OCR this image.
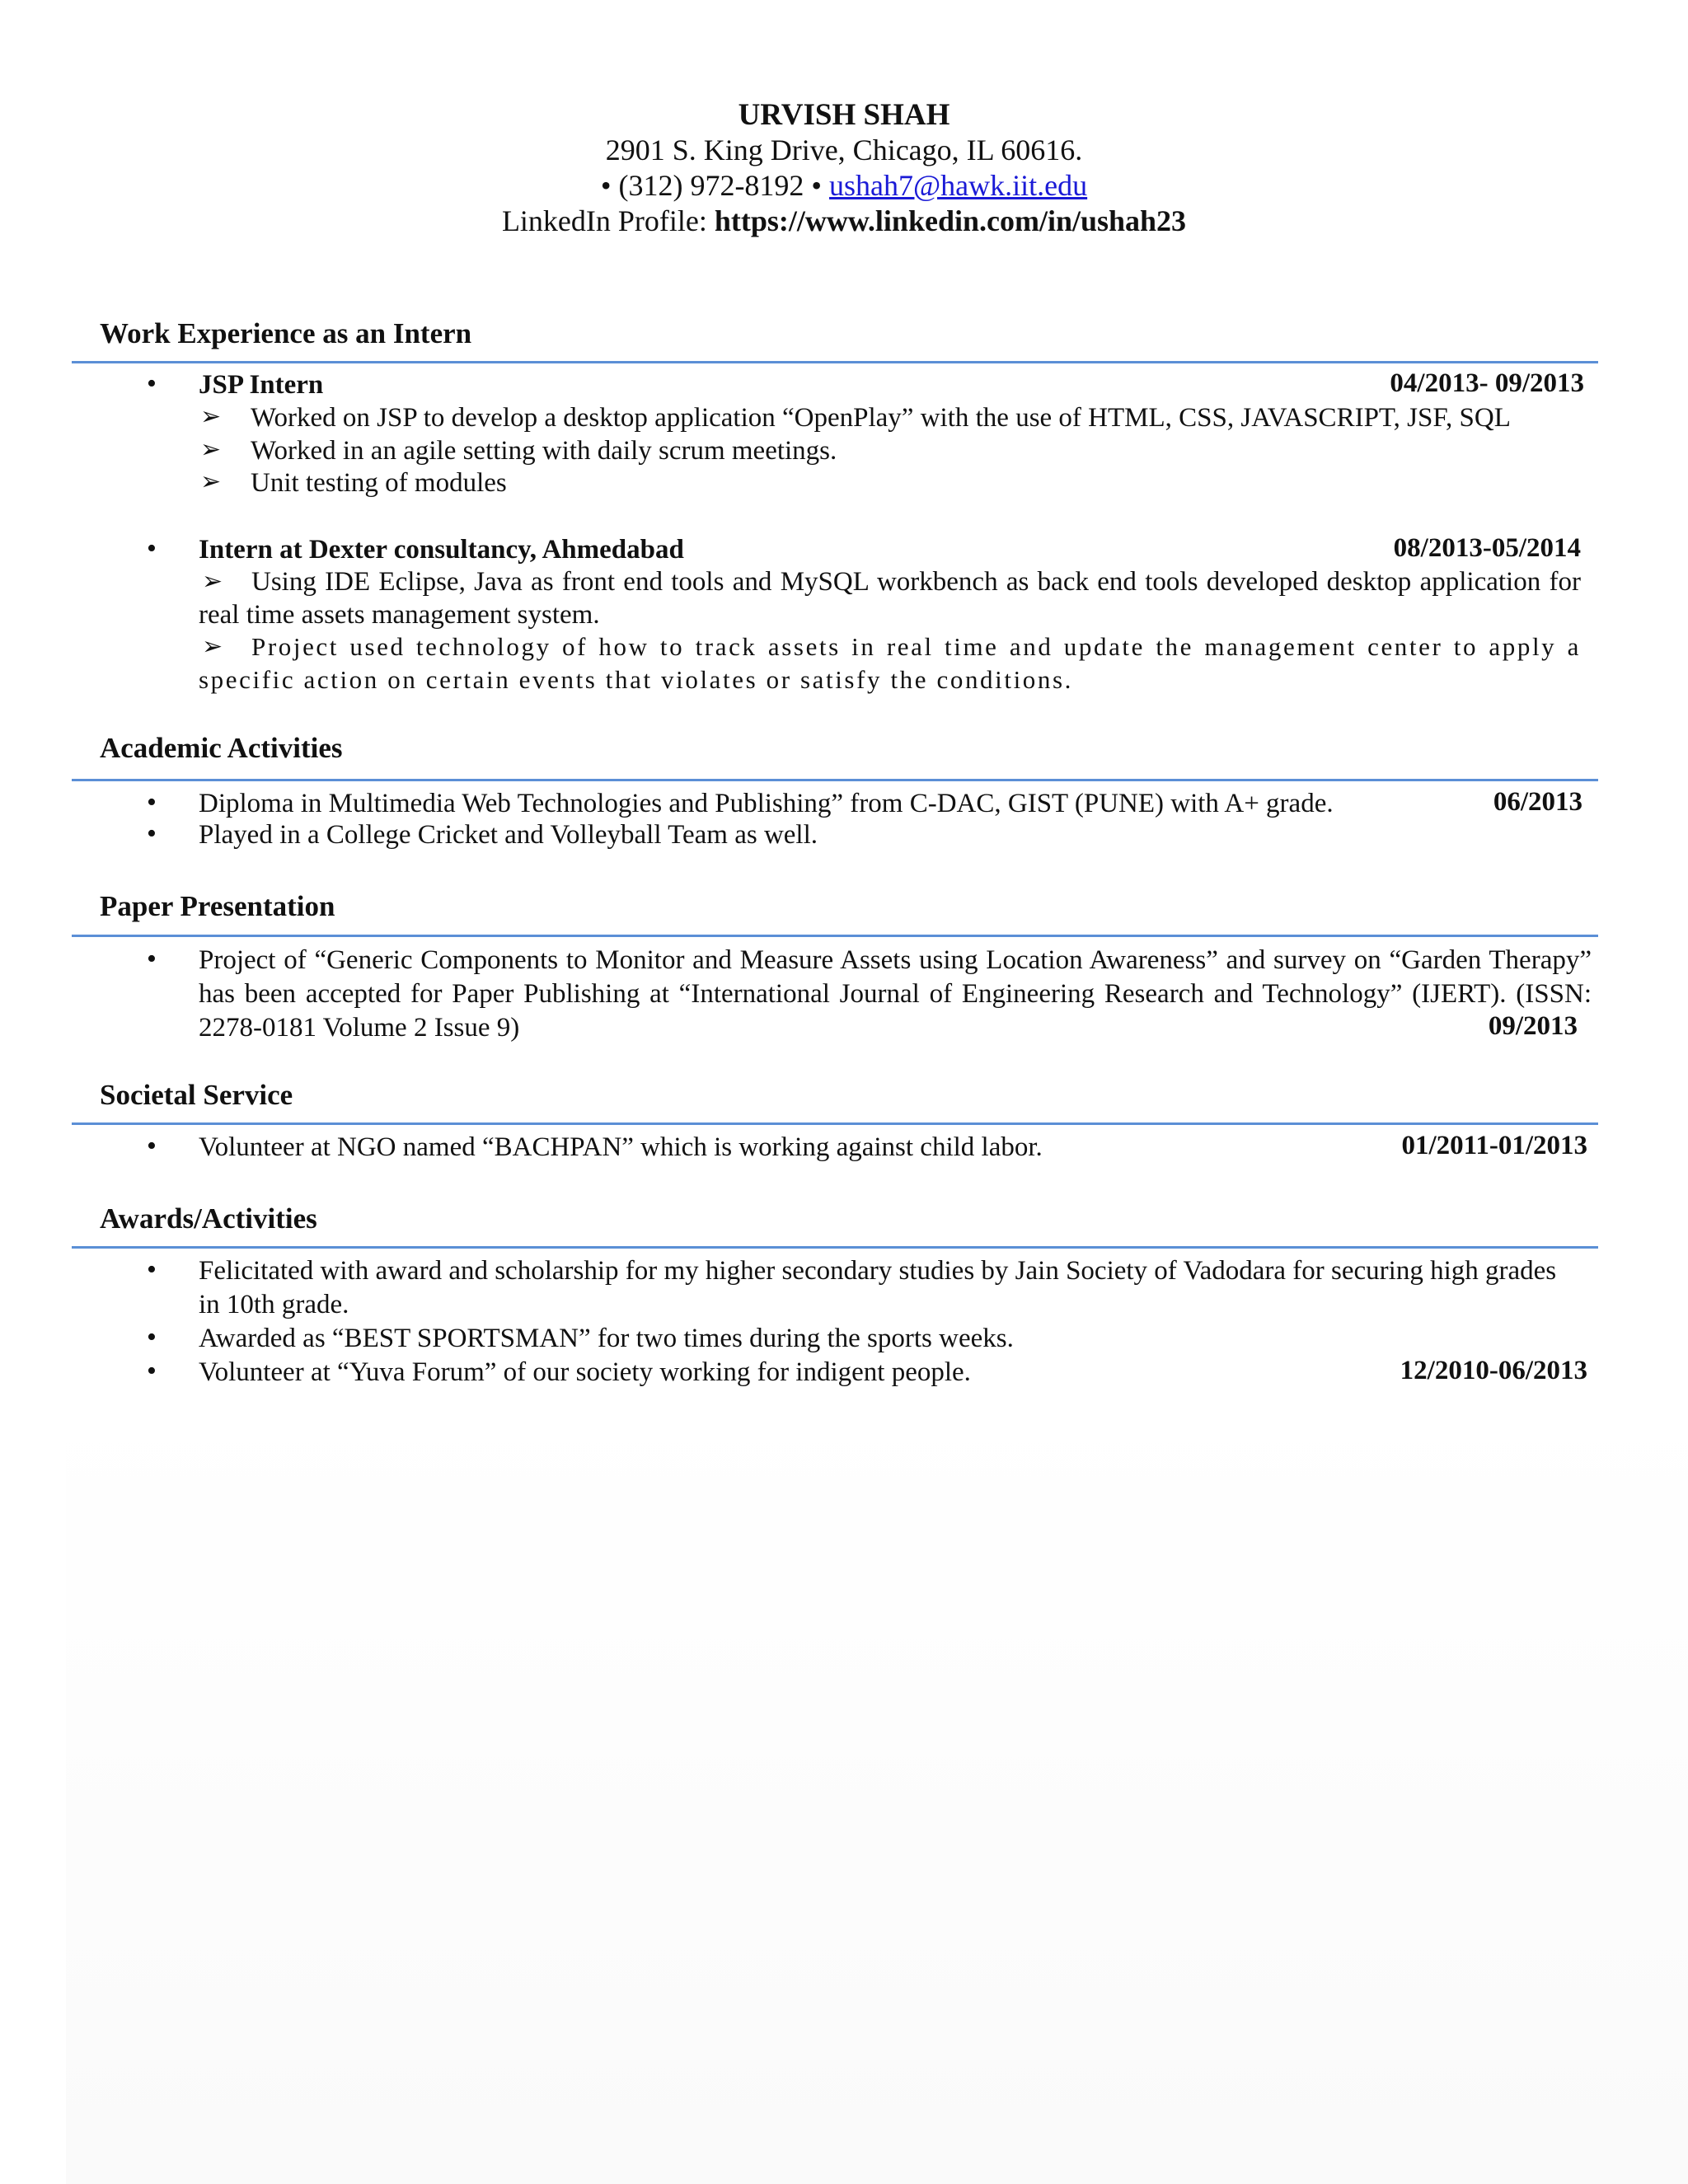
URVISH SHAH
2901 S. King Drive, Chicago, IL 60616.
• (312) 972-8192 • ushah7@hawk.iit.edu
LinkedIn Profile: https://www.linkedin.com/in/ushah23
Work Experience as an Intern
• JSP Intern	04/2013- 09/2013
➢ Worked on JSP to develop a desktop application “OpenPlay” with the use of HTML, CSS, JAVASCRIPT, JSF, SQL
➢ Worked in an agile setting with daily scrum meetings.
➢ Unit testing of modules
• Intern at Dexter consultancy, Ahmedabad	08/2013-05/2014
➢	Using IDE Eclipse, Java as front end tools and MySQL workbench as back end tools developed desktop application for real time assets management system.
➢	Project used technology of how to track assets in real time and update the management center to apply a specific action on certain events that violates or satisfy the conditions.
Academic Activities
• Diploma in Multimedia Web Technologies and Publishing” from C-DAC, GIST (PUNE) with A+ grade.	06/2013
• Played in a College Cricket and Volleyball Team as well.
Paper Presentation
• Project of “Generic Components to Monitor and Measure Assets using Location Awareness” and survey on “Garden Therapy” has been accepted for Paper Publishing at “International Journal of Engineering Research and Technology” (IJERT). (ISSN: 2278-0181 Volume 2 Issue 9)	09/2013
Societal Service
• Volunteer at NGO named “BACHPAN” which is working against child labor.	01/2011-01/2013
Awards/Activities
• Felicitated with award and scholarship for my higher secondary studies by Jain Society of Vadodara for securing high grades in 10th grade.
• Awarded as “BEST SPORTSMAN” for two times during the sports weeks.
• Volunteer at “Yuva Forum” of our society working for indigent people.	12/2010-06/2013
